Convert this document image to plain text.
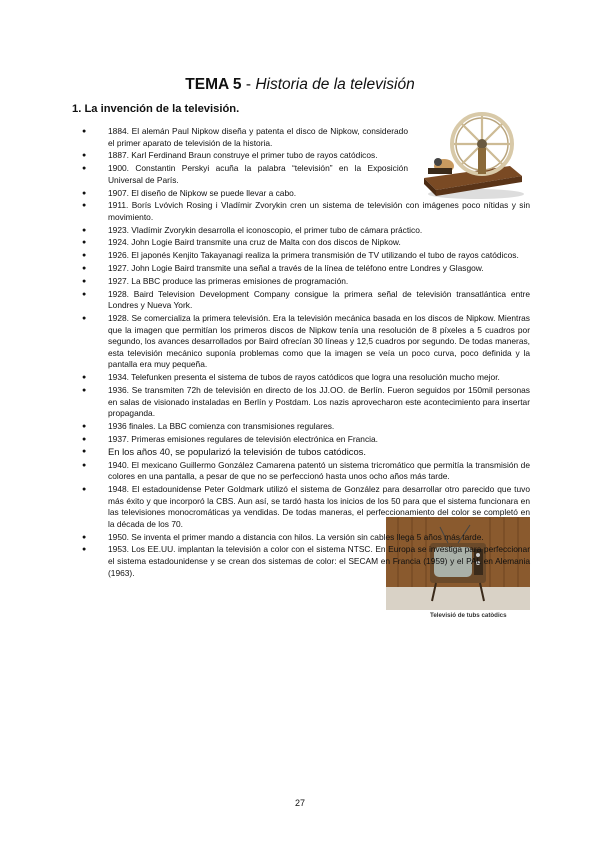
TEMA 5 - Historia de la televisión
1. La invención de la televisión.
Televisió de tubs catòdics
● 1884. El alemán Paul Nipkow diseña y patenta el disco de Nipkow, considerado el primer aparato de televisión de la historia.
● 1887. Karl Ferdinand Braun construye el primer tubo de rayos catódicos.
● 1900. Constantin Perskyi acuña la palabra “televisión” en la Exposición Universal de París.
● 1907. El diseño de Nipkow se puede llevar a cabo.
● 1911. Borís Lvóvich Rosing i Vladímir Zvorykin cren un sistema de televisión con imágenes poco nítidas y sin movimiento.
● 1923. Vladímir Zvorykin desarrolla el iconoscopio, el primer tubo de cámara práctico.
● 1924. John Logie Baird transmite una cruz de Malta con dos discos de Nipkow.
● 1926. El japonés Kenjito Takayanagi realiza la primera transmisión de TV utilizando el tubo de rayos catódicos.
● 1927. John Logie Baird transmite una señal a través de la línea de teléfono entre Londres y Glasgow.
● 1927. La BBC produce las primeras emisiones de programación.
● 1928. Baird Television Development Company consigue la primera señal de televisión transatlántica entre Londres y Nueva York.
● 1928. Se comercializa la primera televisión. Era la televisión mecánica basada en los discos de Nipkow. Mientras que la imagen que permitían los primeros discos de Nipkow tenía una resolución de 8 píxeles a 5 cuadros por segundo, los avances desarrollados por Baird ofrecían 30 líneas y 12,5 cuadros por segundo. De todas maneras, esta televisión mecánico suponía problemas como que la imagen se veía un poco curva, poco definida y la pantalla era muy pequeña.
● 1934. Telefunken presenta el sistema de tubos de rayos catódicos que logra una resolución mucho mejor.
● 1936. Se transmiten 72h de televisión en directo de los JJ.OO. de Berlín. Fueron seguidos por 150mil personas en salas de visionado instaladas en Berlín y Postdam. Los nazis aprovecharon este acontecimiento para insertar propaganda.
● 1936 finales. La BBC comienza con transmisiones regulares.
● 1937. Primeras emisiones regulares de televisión electrónica en Francia.
● En los años 40, se popularizó la televisión de tubos catódicos.
● 1940. El mexicano Guillermo González Camarena patentó un sistema tricromático que permitía la transmisión de colores en una pantalla, a pesar de que no se perfeccionó hasta unos ocho años más tarde.
● 1948. El estadounidense Peter Goldmark utilizó el sistema de González para desarrollar otro parecido que tuvo más éxito y que incorporó la CBS. Aun así, se tardó hasta los inicios de los 50 para que el sistema funcionara en las televisiones monocromáticas ya vendidas. De todas maneras, el perfeccionamiento del color se completó en la década de los 70.
● 1950. Se inventa el primer mando a distancia con hilos. La versión sin cables llega 5 años más tarde.
● 1953. Los EE.UU. implantan la televisión a color con el sistema NTSC. En Europa se investiga para perfeccionar el sistema estadounidense y se crean dos sistemas de color: el SECAM en Francia (1959) y el PAL en Alemania (1963).
27
